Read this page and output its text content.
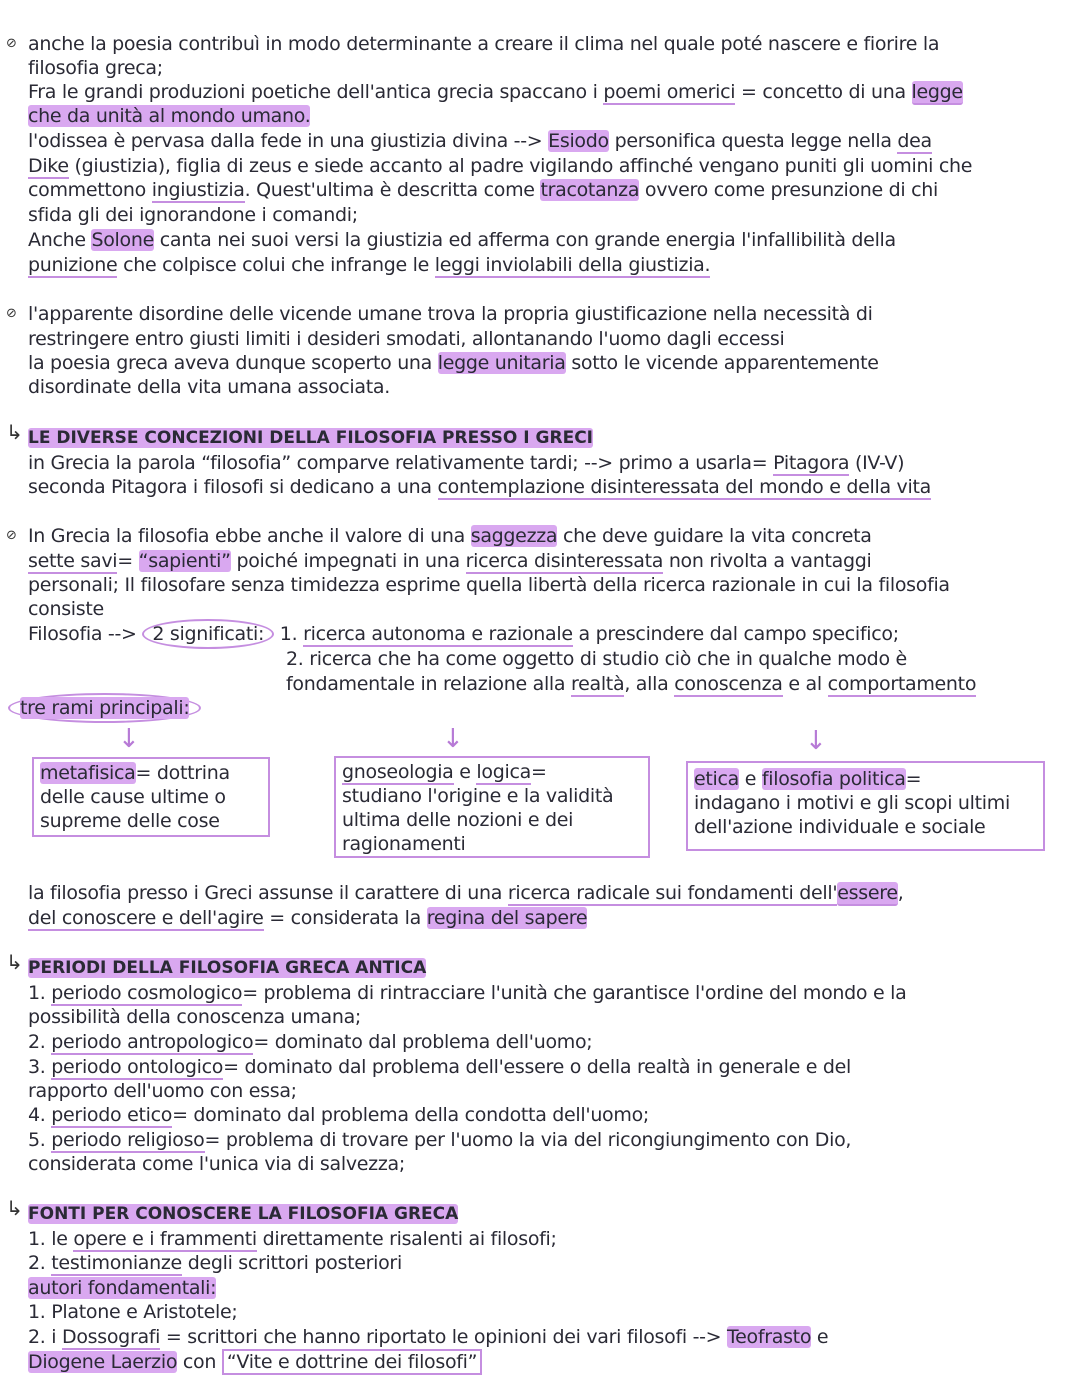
⊘ anche la poesia contribuì in modo determinante a creare il clima nel quale poté nascere e fiorire la
filosofia greca;
Fra le grandi produzioni poetiche dell'antica grecia spaccano i poemi omerici = concetto di una legge
che da unità al mondo umano.
l'odissea è pervasa dalla fede in una giustizia divina --> Esiodo personifica questa legge nella dea
Dike (giustizia), figlia di zeus e siede accanto al padre vigilando affinché vengano puniti gli uomini che
commettono ingiustizia. Quest'ultima è descritta come tracotanza ovvero come presunzione di chi
sfida gli dei ignorandone i comandi;
Anche Solone canta nei suoi versi la giustizia ed afferma con grande energia l'infallibilità della
punizione che colpisce colui che infrange le leggi inviolabili della giustizia.
⊘ l'apparente disordine delle vicende umane trova la propria giustificazione nella necessità di
restringere entro giusti limiti i desideri smodati, allontanando l'uomo dagli eccessi
la poesia greca aveva dunque scoperto una legge unitaria sotto le vicende apparentemente
disordinate della vita umana associata.
↳ LE DIVERSE CONCEZIONI DELLA FILOSOFIA PRESSO I GRECI
in Grecia la parola “filosofia” comparve relativamente tardi; --> primo a usarla= Pitagora (IV-V)
seconda Pitagora i filosofi si dedicano a una contemplazione disinteressata del mondo e della vita
⊘ In Grecia la filosofia ebbe anche il valore di una saggezza che deve guidare la vita concreta
sette savi= “sapienti” poiché impegnati in una ricerca disinteressata non rivolta a vantaggi
personali; Il filosofare senza timidezza esprime quella libertà della ricerca razionale in cui la filosofia
consiste
Filosofia --> 2 significati: 1. ricerca autonoma e razionale a prescindere dal campo specifico;
2. ricerca che ha come oggetto di studio ciò che in qualche modo è
fondamentale in relazione alla realtà, alla conoscenza e al comportamento
tre rami principali:
↓	↓	↓
metafisica= dottrina
delle cause ultime o
supreme delle cose
gnoseologia e logica=
studiano l'origine e la validità
ultima delle nozioni e dei
ragionamenti
etica e filosofia politica=
indagano i motivi e gli scopi ultimi
dell'azione individuale e sociale
la filosofia presso i Greci assunse il carattere di una ricerca radicale sui fondamenti dell'essere,
del conoscere e dell'agire = considerata la regina del sapere
↳ PERIODI DELLA FILOSOFIA GRECA ANTICA
1. periodo cosmologico= problema di rintracciare l'unità che garantisce l'ordine del mondo e la
possibilità della conoscenza umana;
2. periodo antropologico= dominato dal problema dell'uomo;
3. periodo ontologico= dominato dal problema dell'essere o della realtà in generale e del
rapporto dell'uomo con essa;
4. periodo etico= dominato dal problema della condotta dell'uomo;
5. periodo religioso= problema di trovare per l'uomo la via del ricongiungimento con Dio,
considerata come l'unica via di salvezza;
↳ FONTI PER CONOSCERE LA FILOSOFIA GRECA
1. le opere e i frammenti direttamente risalenti ai filosofi;
2. testimonianze degli scrittori posteriori
autori fondamentali:
1. Platone e Aristotele;
2. i Dossografi = scrittori che hanno riportato le opinioni dei vari filosofi --> Teofrasto e
Diogene Laerzio con “Vite e dottrine dei filosofi”
